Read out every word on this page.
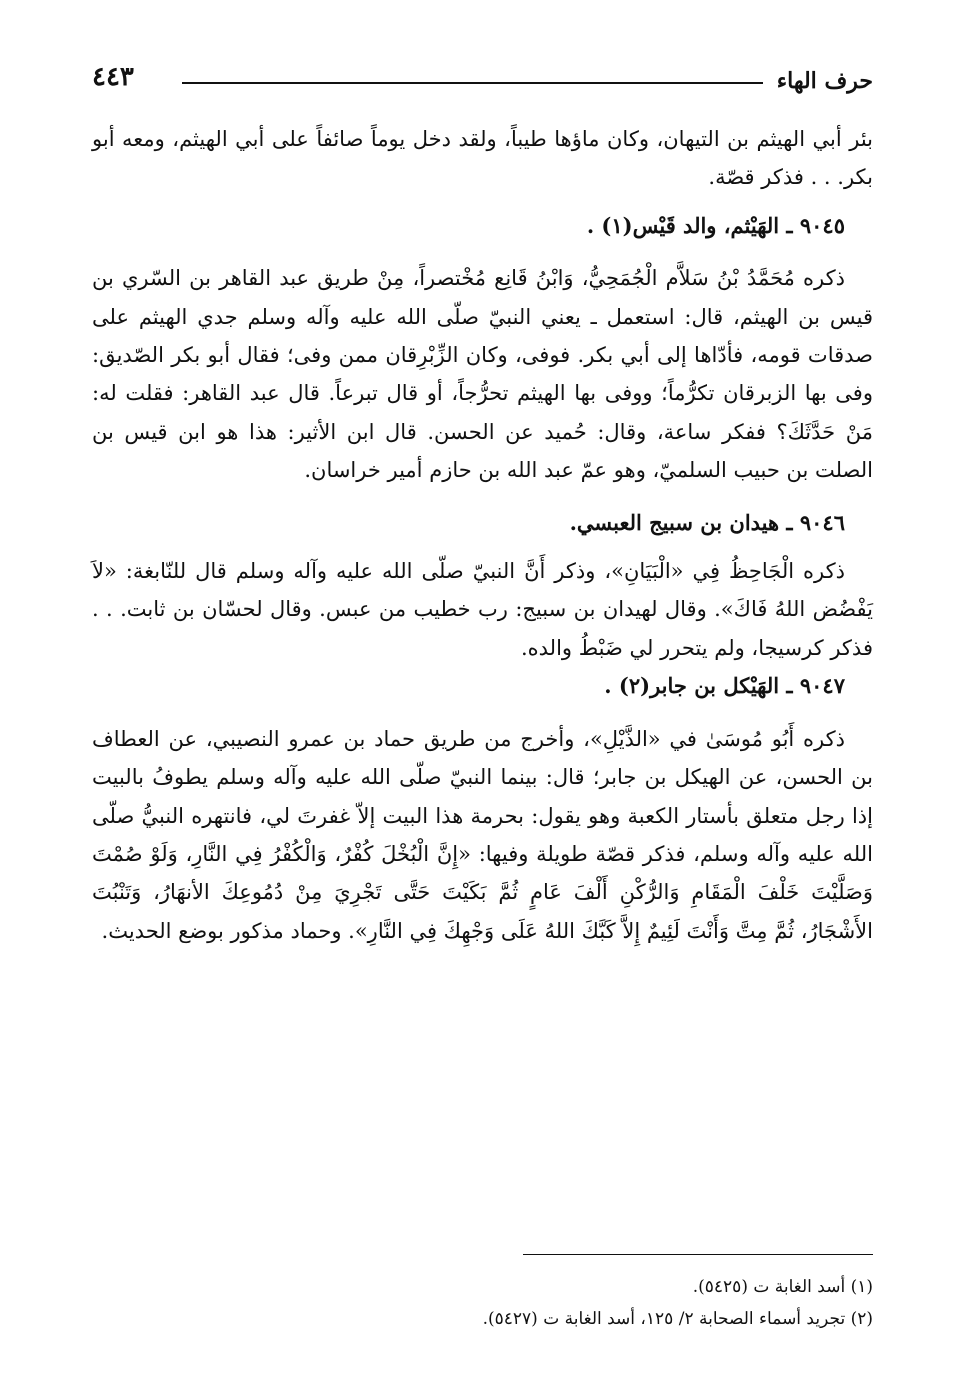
حرف الهاء
٤٤٣

بئر أبي الهيثم بن التيهان، وكان ماؤها طيباً، ولقد دخل يوماً صائفاً على أبي الهيثم، ومعه أبو بكر. . . فذكر قصّة.

٩٠٤٥ ـ الهَيْثم، والد قَيْس(١) .

ذكره مُحَمَّدُ بْنُ سَلاَّم الْجُمَحِيُّ، وَابْنُ قَانِع مُخْتصراً، مِنْ طريق عبد القاهر بن السّري بن قيس بن الهيثم، قال: استعمل ـ يعني النبيّ صلّى الله عليه وآله وسلم جدي الهيثم على صدقات قومه، فأدّاها إلى أبي بكر. فوفى، وكان الزِّبْرِقان ممن وفى؛ فقال أبو بكر الصّديق: وفى بها الزبرقان تكرُّماً؛ ووفى بها الهيثم تحرُّجاً، أو قال تبرعاً. قال عبد القاهر: فقلت له: مَنْ حَدَّثَكَ؟ ففكر ساعة، وقال: حُميد عن الحسن. قال ابن الأثير: هذا هو ابن قيس بن الصلت بن حبيب السلميّ، وهو عمّ عبد الله بن حازم أمير خراسان.

٩٠٤٦ ـ هيدان بن سبيج العبسي.

ذكره الْجَاحِظُ فِي «الْبَيَانِ»، وذكر أَنَّ النبيّ صلّى الله عليه وآله وسلم قال للنّابغة: «لاَ يَفْضُض اللهُ فَاكَ». وقال لهيدان بن سبيج: رب خطيب من عبس. وقال لحسّان بن ثابت. . . فذكر كرسيجا، ولم يتحرر لي ضَبْطُ والده.

٩٠٤٧ ـ الهَيْكل بن جابر(٢) .

ذكره أَبُو مُوسَىٰ في «الذَّيْلِ»، وأخرج من طريق حماد بن عمرو النصيبي، عن العطاف بن الحسن، عن الهيكل بن جابر؛ قال: بينما النبيّ صلّى الله عليه وآله وسلم يطوفُ بالبيت إذا رجل متعلق بأستار الكعبة وهو يقول: بحرمة هذا البيت إلاّ غفرتَ لي، فانتهره النبيُّ صلّى الله عليه وآله وسلم، فذكر قصّة طويلة وفيها: «إِنَّ الْبُخْلَ كُفْرٌ، وَالْكُفْرُ فِي النَّارِ، وَلَوْ صُمْتَ وَصَلَّيْتَ خَلْفَ الْمَقَامِ وَالرُّكْنِ أَلْفَ عَامٍ ثُمَّ بَكَيْتَ حَتَّى تَجْرِيَ مِنْ دُمُوعِكَ الأنهَارُ، وَتَنْبُتَ الأَشْجَارُ، ثُمَّ مِتَّ وَأَنْتَ لَئِيمٌ إِلاَّ كَبَّكَ اللهُ عَلَى وَجْهِكَ فِي النَّارِ». وحماد مذكور بوضع الحديث.

(١) أسد الغابة ت (٥٤٢٥).

(٢) تجريد أسماء الصحابة ٢/ ١٢٥، أسد الغابة ت (٥٤٢٧).
